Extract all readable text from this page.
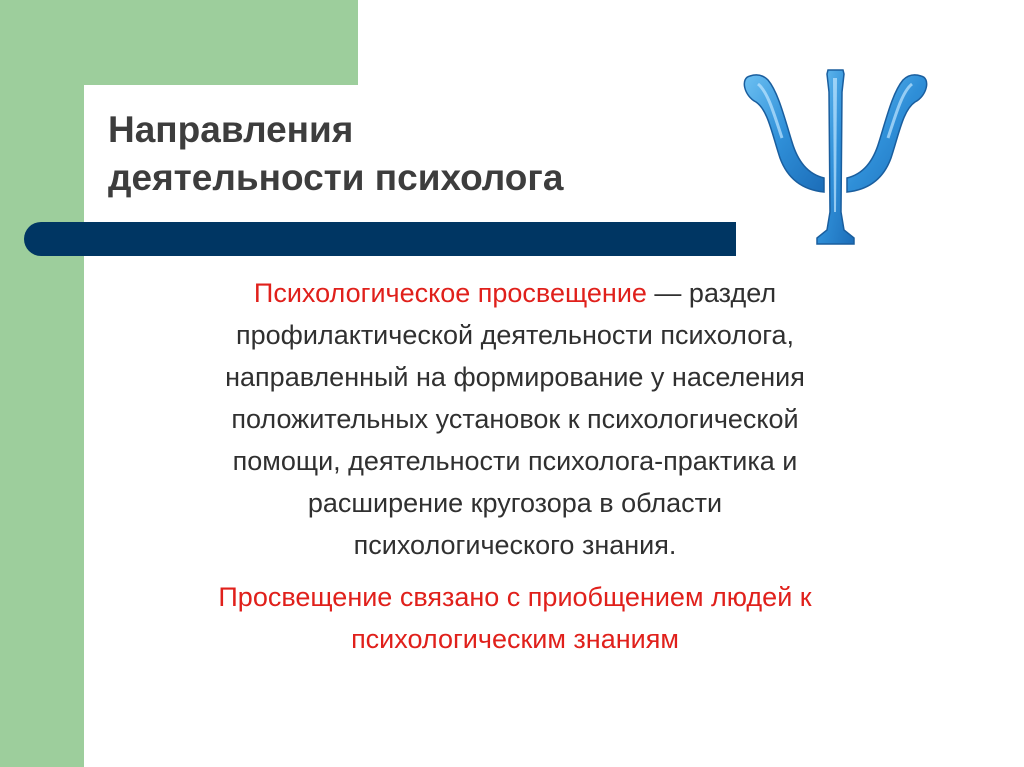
Направления
деятельности психолога

Психологическое просвещение — раздел
профилактической деятельности психолога,
направленный на формирование у населения
положительных установок к психологической
помощи, деятельности психолога-практика и
расширение кругозора в области
психологического знания.

Просвещение связано с приобщением людей к
психологическим знаниям
